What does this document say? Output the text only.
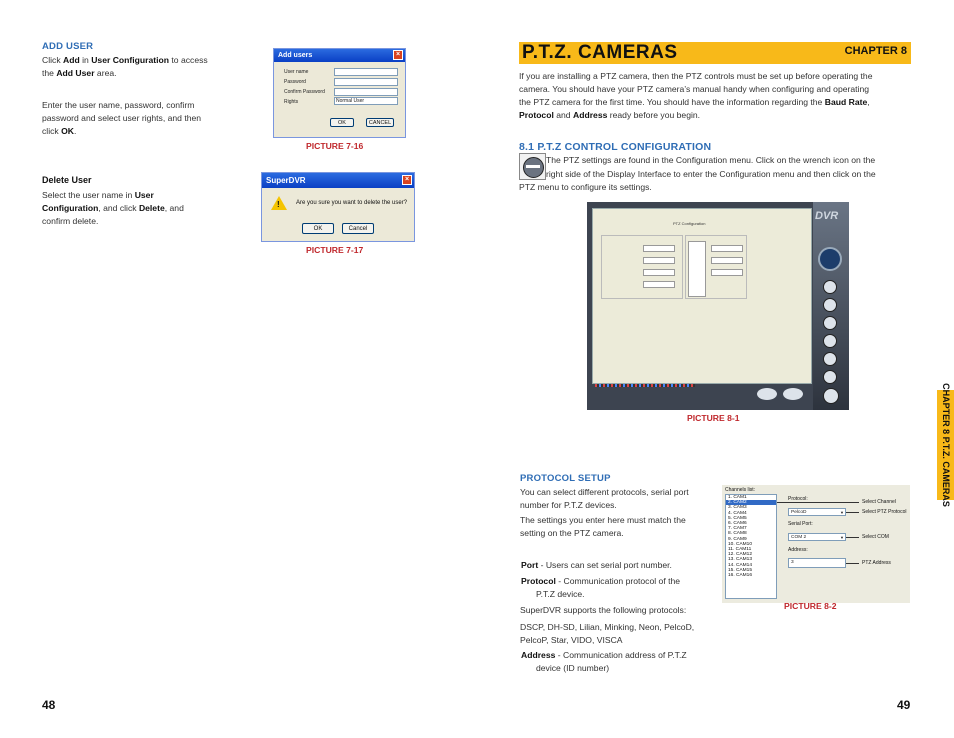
ADD USER
Click Add in User Configuration to access
the Add User area.
Enter the user name, password, confirm
password and select user rights, and then
click OK.
Delete User
Select the user name in User
Configuration, and click Delete, and
confirm delete.
Add users	×
User name
Password
Confirm Password
Rights	Normal User
OK	CANCEL
PICTURE 7-16
SuperDVR	×
!	Are you sure you want to delete the user?
OK	Cancel
PICTURE 7-17
48
P.T.Z. CAMERAS	CHAPTER 8
If you are installing a PTZ camera, then the PTZ controls must be set up before operating the
camera. You should have your PTZ camera’s manual handy when configuring and operating
the PTZ camera for the first time. You should have the information regarding the Baud Rate,
Protocol and Address ready before you begin.
8.1 P.T.Z CONTROL CONFIGURATION
The PTZ settings are found in the Configuration menu. Click on the wrench icon on the
right side of the Display Interface to enter the Configuration menu and then click on the
PTZ menu to configure its settings.
PTZ Configuration
DVR
PICTURE 8-1
PROTOCOL SETUP
You can select different protocols, serial port
number for P.T.Z devices.
The settings you enter here must match the
setting on the PTZ camera.
Port - Users can set serial port number.
Protocol - Communication protocol of the
P.T.Z device.
SuperDVR supports the following protocols:
DSCP, DH-SD, Lilian, Minking, Neon, PelcoD,
PelcoP, Star, VIDO, VISCA
Address - Communication address of P.T.Z
device (ID number)
Channels list:
1. CAM1
2. CAM2
3. CAM3
4. CAM4
5. CAM5
6. CAM6
7. CAM7
8. CAM8
9. CAM9
10. CAM10
11. CAM11
12. CAM12
13. CAM13
14. CAM14
15. CAM15
16. CAM16
Protocol:
PelcoD	▼
Serial Port:
COM 2	▼
Address:
3
Select Channel
Select PTZ Protocol
Select COM
PTZ Address
PICTURE 8-2
CHAPTER 8 P.T.Z. CAMERAS
49
